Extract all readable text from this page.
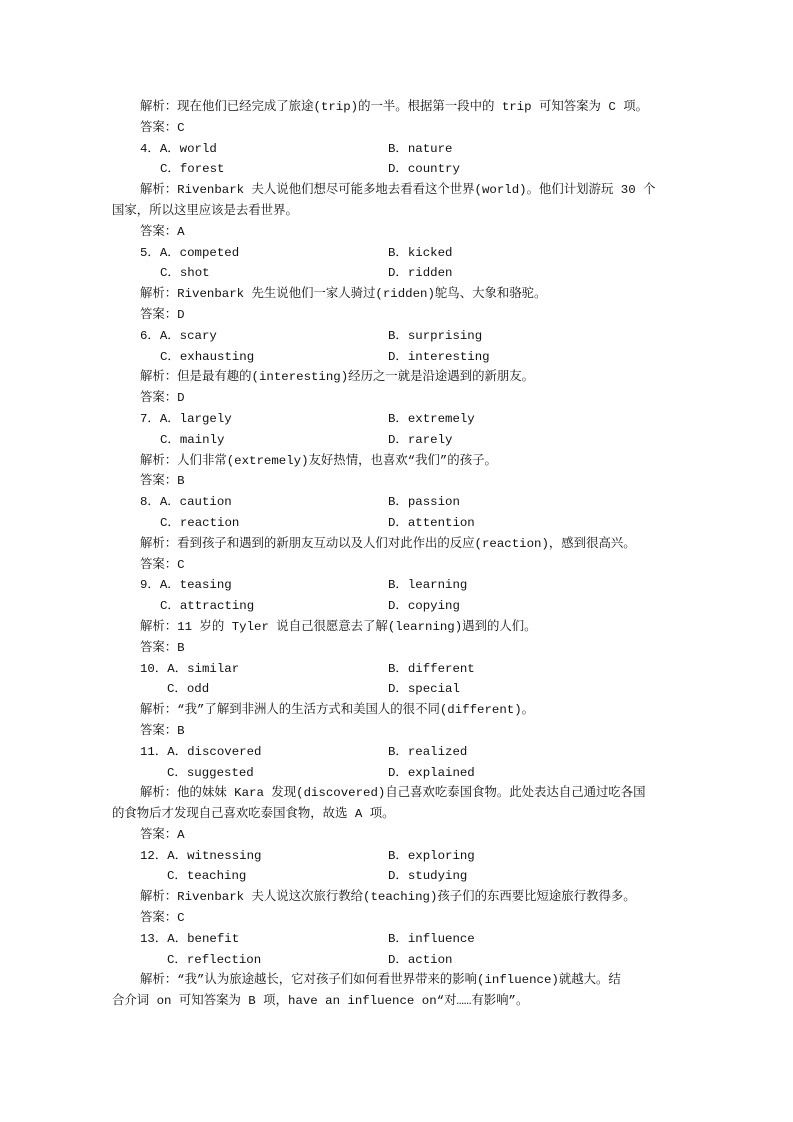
解析：现在他们已经完成了旅途(trip)的一半。根据第一段中的 trip 可知答案为 C 项。
答案：C
4．A．world	B．nature
C．forest	D．country
解析：Rivenbark 夫人说他们想尽可能多地去看看这个世界(world)。他们计划游玩 30 个
国家，所以这里应该是去看世界。
答案：A
5．A．competed	B．kicked
C．shot	D．ridden
解析：Rivenbark 先生说他们一家人骑过(ridden)鸵鸟、大象和骆驼。
答案：D
6．A．scary	B．surprising
C．exhausting	D．interesting
解析：但是最有趣的(interesting)经历之一就是沿途遇到的新朋友。
答案：D
7．A．largely	B．extremely
C．mainly	D．rarely
解析：人们非常(extremely)友好热情，也喜欢“我们”的孩子。
答案：B
8．A．caution	B．passion
C．reaction	D．attention
解析：看到孩子和遇到的新朋友互动以及人们对此作出的反应(reaction)，感到很高兴。
答案：C
9．A．teasing	B．learning
C．attracting	D．copying
解析：11 岁的 Tyler 说自己很愿意去了解(learning)遇到的人们。
答案：B
10．A．similar	B．different
C．odd	D．special
解析：“我”了解到非洲人的生活方式和美国人的很不同(different)。
答案：B
11．A．discovered	B．realized
C．suggested	D．explained
解析：他的妹妹 Kara 发现(discovered)自己喜欢吃泰国食物。此处表达自己通过吃各国
的食物后才发现自己喜欢吃泰国食物，故选 A 项。
答案：A
12．A．witnessing	B．exploring
C．teaching	D．studying
解析：Rivenbark 夫人说这次旅行教给(teaching)孩子们的东西要比短途旅行教得多。
答案：C
13．A．benefit	B．influence
C．reflection	D．action
解析：“我”认为旅途越长，它对孩子们如何看世界带来的影响(influence)就越大。结
合介词 on 可知答案为 B 项，have an influence on“对……有影响”。
